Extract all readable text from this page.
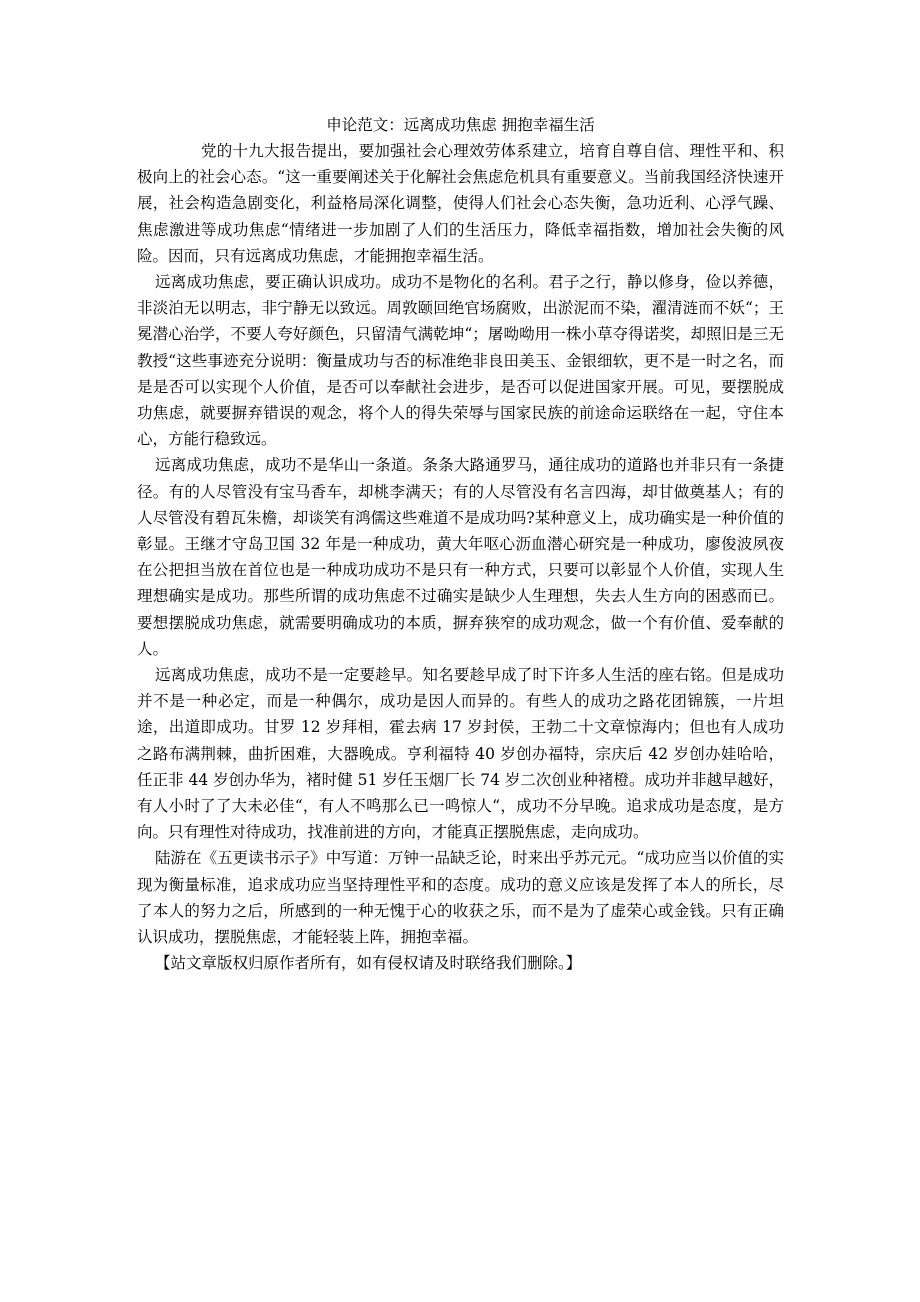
申论范文：远离成功焦虑 拥抱幸福生活

党的十九大报告提出，要加强社会心理效劳体系建立，培育自尊自信、理性平和、积极向上的社会心态。“这一重要阐述关于化解社会焦虑危机具有重要意义。当前我国经济快速开展，社会构造急剧变化，利益格局深化调整，使得人们社会心态失衡，急功近利、心浮气躁、焦虑激进等成功焦虑“情绪进一步加剧了人们的生活压力，降低幸福指数，增加社会失衡的风险。因而，只有远离成功焦虑，才能拥抱幸福生活。

远离成功焦虑，要正确认识成功。成功不是物化的名利。君子之行，静以修身，俭以养德，非淡泊无以明志，非宁静无以致远。周敦颐回绝官场腐败，出淤泥而不染，濯清涟而不妖“；王冕潜心治学，不要人夸好颜色，只留清气满乾坤“；屠呦呦用一株小草夺得诺奖，却照旧是三无教授“这些事迹充分说明：衡量成功与否的标准绝非良田美玉、金银细软，更不是一时之名，而是是否可以实现个人价值，是否可以奉献社会进步，是否可以促进国家开展。可见，要摆脱成功焦虑，就要摒弃错误的观念，将个人的得失荣辱与国家民族的前途命运联络在一起，守住本心，方能行稳致远。

远离成功焦虑，成功不是华山一条道。条条大路通罗马，通往成功的道路也并非只有一条捷径。有的人尽管没有宝马香车，却桃李满天；有的人尽管没有名言四海，却甘做奠基人；有的人尽管没有碧瓦朱檐，却谈笑有鸿儒这些难道不是成功吗?某种意义上，成功确实是一种价值的彰显。王继才守岛卫国 32 年是一种成功，黄大年呕心沥血潜心研究是一种成功，廖俊波夙夜在公把担当放在首位也是一种成功成功不是只有一种方式，只要可以彰显个人价值，实现人生理想确实是成功。那些所谓的成功焦虑不过确实是缺少人生理想，失去人生方向的困惑而已。要想摆脱成功焦虑，就需要明确成功的本质，摒弃狭窄的成功观念，做一个有价值、爱奉献的人。

远离成功焦虑，成功不是一定要趁早。知名要趁早成了时下许多人生活的座右铭。但是成功并不是一种必定，而是一种偶尔，成功是因人而异的。有些人的成功之路花团锦簇，一片坦途，出道即成功。甘罗 12 岁拜相，霍去病 17 岁封侯，王勃二十文章惊海内；但也有人成功之路布满荆棘，曲折困难，大器晚成。亨利福特 40 岁创办福特，宗庆后 42 岁创办娃哈哈，任正非 44 岁创办华为，褚时健 51 岁任玉烟厂长 74 岁二次创业种褚橙。成功并非越早越好，有人小时了了大未必佳“，有人不鸣那么已一鸣惊人“，成功不分早晚。追求成功是态度，是方向。只有理性对待成功，找准前进的方向，才能真正摆脱焦虑，走向成功。

陆游在《五更读书示子》中写道：万钟一品缺乏论，时来出乎苏元元。“成功应当以价值的实现为衡量标准，追求成功应当坚持理性平和的态度。成功的意义应该是发挥了本人的所长，尽了本人的努力之后，所感到的一种无愧于心的收获之乐，而不是为了虚荣心或金钱。只有正确认识成功，摆脱焦虑，才能轻装上阵，拥抱幸福。

【站文章版权归原作者所有，如有侵权请及时联络我们删除。】
